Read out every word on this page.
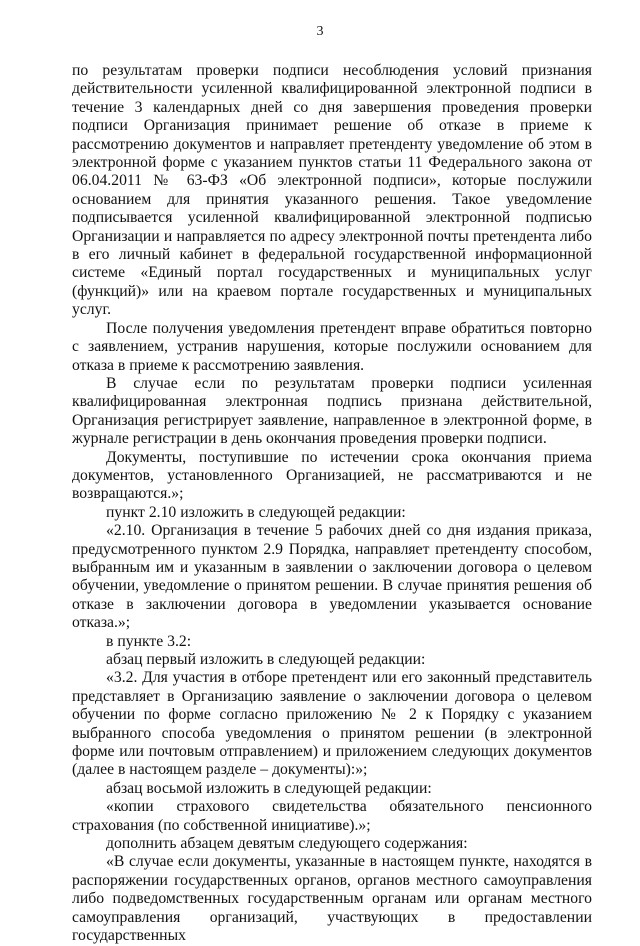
3

по результатам проверки подписи несоблюдения условий признания действительности усиленной квалифицированной электронной подписи в течение 3 календарных дней со дня завершения проведения проверки подписи Организация принимает решение об отказе в приеме к рассмотрению документов и направляет претенденту уведомление об этом в электронной форме с указанием пунктов статьи 11 Федерального закона от 06.04.2011 № 63-ФЗ «Об электронной подписи», которые послужили основанием для принятия указанного решения. Такое уведомление подписывается усиленной квалифицированной электронной подписью Организации и направляется по адресу электронной почты претендента либо в его личный кабинет в федеральной государственной информационной системе «Единый портал государственных и муниципальных услуг (функций)» или на краевом портале государственных и муниципальных услуг.

После получения уведомления претендент вправе обратиться повторно с заявлением, устранив нарушения, которые послужили основанием для отказа в приеме к рассмотрению заявления.

В случае если по результатам проверки подписи усиленная квалифицированная электронная подпись признана действительной, Организация регистрирует заявление, направленное в электронной форме, в журнале регистрации в день окончания проведения проверки подписи.

Документы, поступившие по истечении срока окончания приема документов, установленного Организацией, не рассматриваются и не возвращаются.»;

пункт 2.10 изложить в следующей редакции:

«2.10. Организация в течение 5 рабочих дней со дня издания приказа, предусмотренного пунктом 2.9 Порядка, направляет претенденту способом, выбранным им и указанным в заявлении о заключении договора о целевом обучении, уведомление о принятом решении. В случае принятия решения об отказе в заключении договора в уведомлении указывается основание отказа.»;

в пункте 3.2:

абзац первый изложить в следующей редакции:

«3.2. Для участия в отборе претендент или его законный представитель представляет в Организацию заявление о заключении договора о целевом обучении по форме согласно приложению № 2 к Порядку с указанием выбранного способа уведомления о принятом решении (в электронной форме или почтовым отправлением) и приложением следующих документов (далее в настоящем разделе – документы):»;

абзац восьмой изложить в следующей редакции:

«копии страхового свидетельства обязательного пенсионного страхования (по собственной инициативе).»;

дополнить абзацем девятым следующего содержания:

«В случае если документы, указанные в настоящем пункте, находятся в распоряжении государственных органов, органов местного самоуправления либо подведомственных государственным органам или органам местного самоуправления организаций, участвующих в предоставлении государственных
